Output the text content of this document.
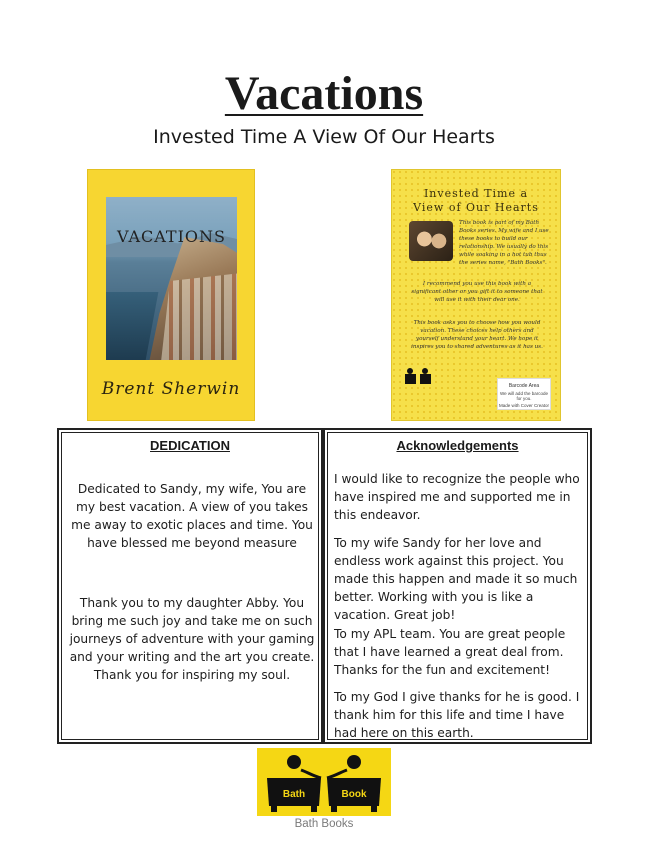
Vacations
Invested Time A View Of Our Hearts
VACATIONS
Brent Sherwin
Invested Time a
View of Our Hearts
This book is part of my Bath Books series. My wife and I use these books to build our relationship. We usually do this while soaking in a hot tub thus the series name, "Bath Books".
I recommend you use this book with a significant other or you gift it to someone that will use it with their dear one.
This book asks you to choose how you would vacation. These choices help others and yourself understand your heart. We hope it inspires you to shared adventures as it has us.
Barcode Area
We will add the barcode for you.
Made with Cover Creator
DEDICATION
Dedicated to Sandy, my wife, You are my best vacation. A view of you takes me away to exotic places and time. You have blessed me beyond measure
Thank you to my daughter Abby. You bring me such joy and take me on such journeys of adventure with your gaming and your writing and the art you create. Thank you for inspiring my soul.
Acknowledgements
I would like to recognize the people who have inspired me and supported me in this endeavor.
To my wife Sandy for her love and endless work against this project. You made this happen and made it so much better. Working with you is like a vacation. Great job!
To my APL team. You are great people that I have learned a great deal from. Thanks for the fun and excitement!
To my God I give thanks for he is good. I thank him for this life and time I have had here on this earth.
Bath	Book
Bath Books
